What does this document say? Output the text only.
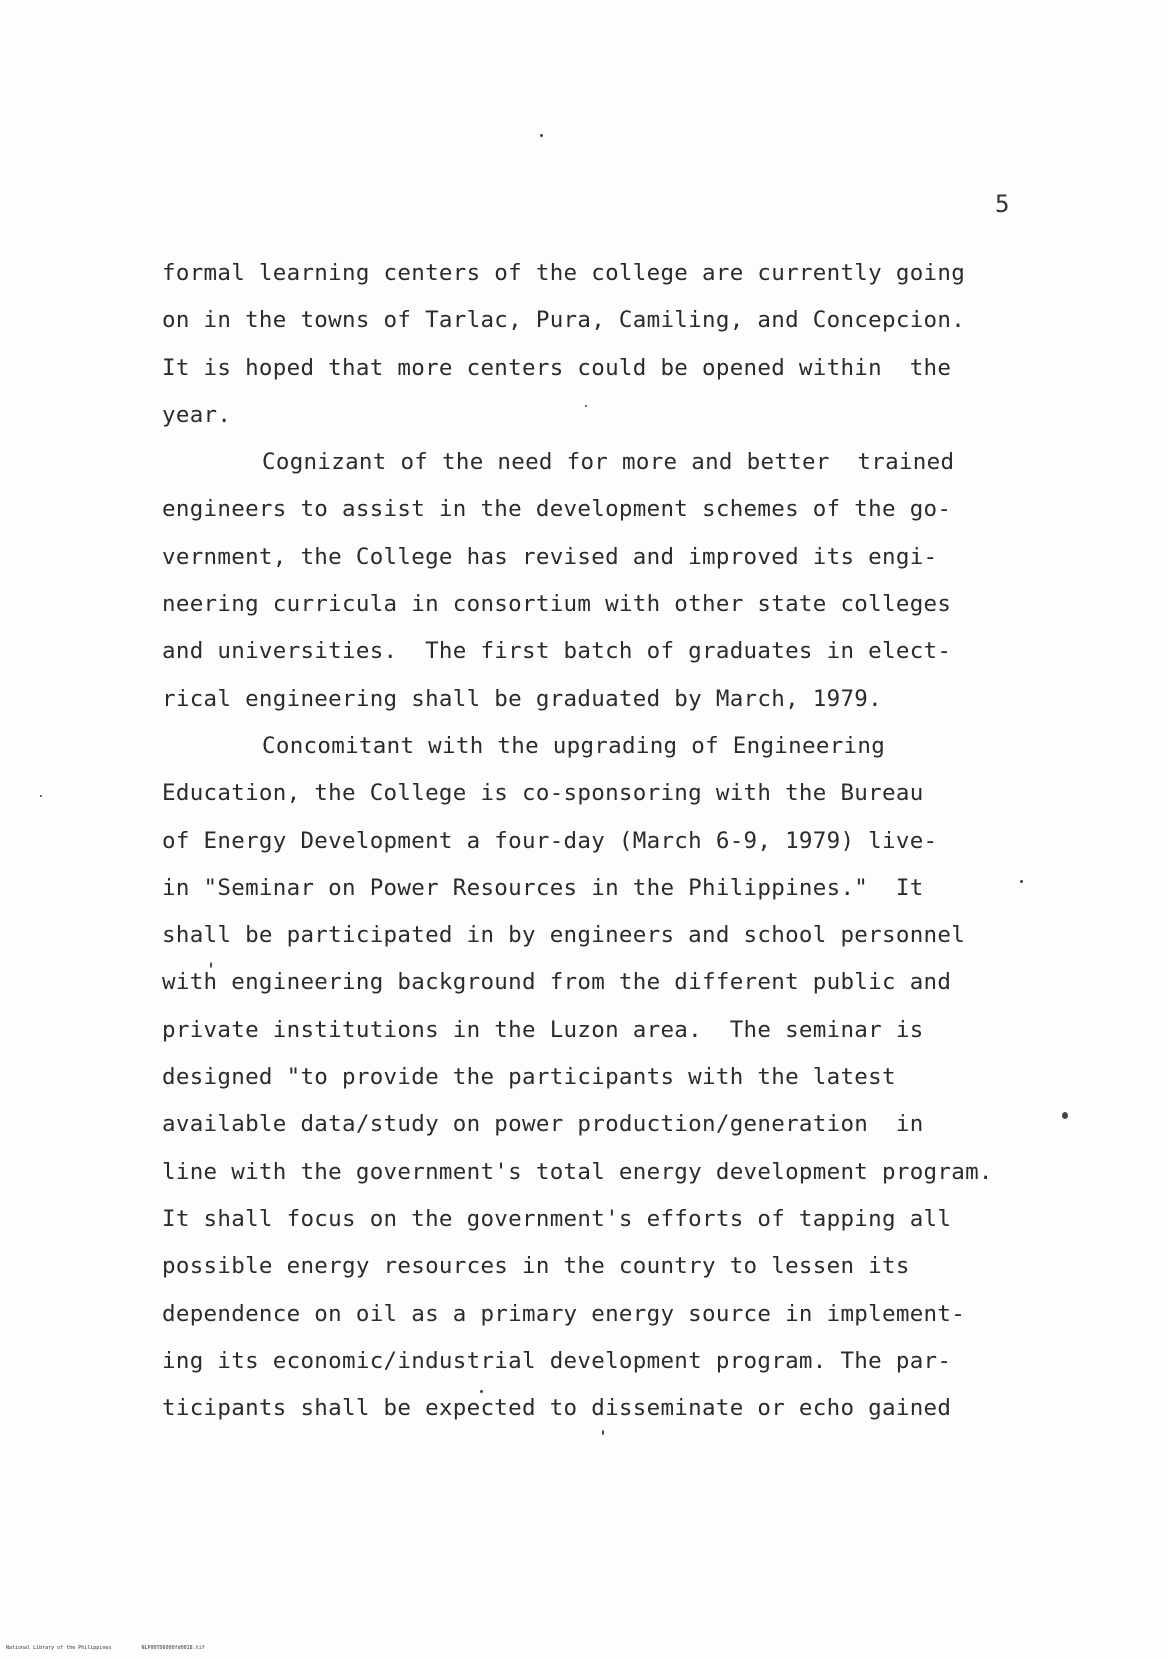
5
formal learning centers of the college are currently going
on in the towns of Tarlac, Pura, Camiling, and Concepcion.
It is hoped that more centers could be opened within  the
year.
Cognizant of the need for more and better  trained
engineers to assist in the development schemes of the go-
vernment, the College has revised and improved its engi-
neering curricula in consortium with other state colleges
and universities.  The first batch of graduates in elect-
rical engineering shall be graduated by March, 1979.
Concomitant with the upgrading of Engineering
Education, the College is co-sponsoring with the Bureau
of Energy Development a four-day (March 6-9, 1979) live-
in "Seminar on Power Resources in the Philippines."  It
shall be participated in by engineers and school personnel
with engineering background from the different public and
private institutions in the Luzon area.  The seminar is
designed "to provide the participants with the latest
available data/study on power production/generation  in
line with the government's total energy development program.
It shall focus on the government's efforts of tapping all
possible energy resources in the country to lessen its
dependence on oil as a primary energy source in implement-
ing its economic/industrial development program. The par-
ticipants shall be expected to disseminate or echo gained
National Library of the Philippines	NLP00TD6000fd0018.tif
